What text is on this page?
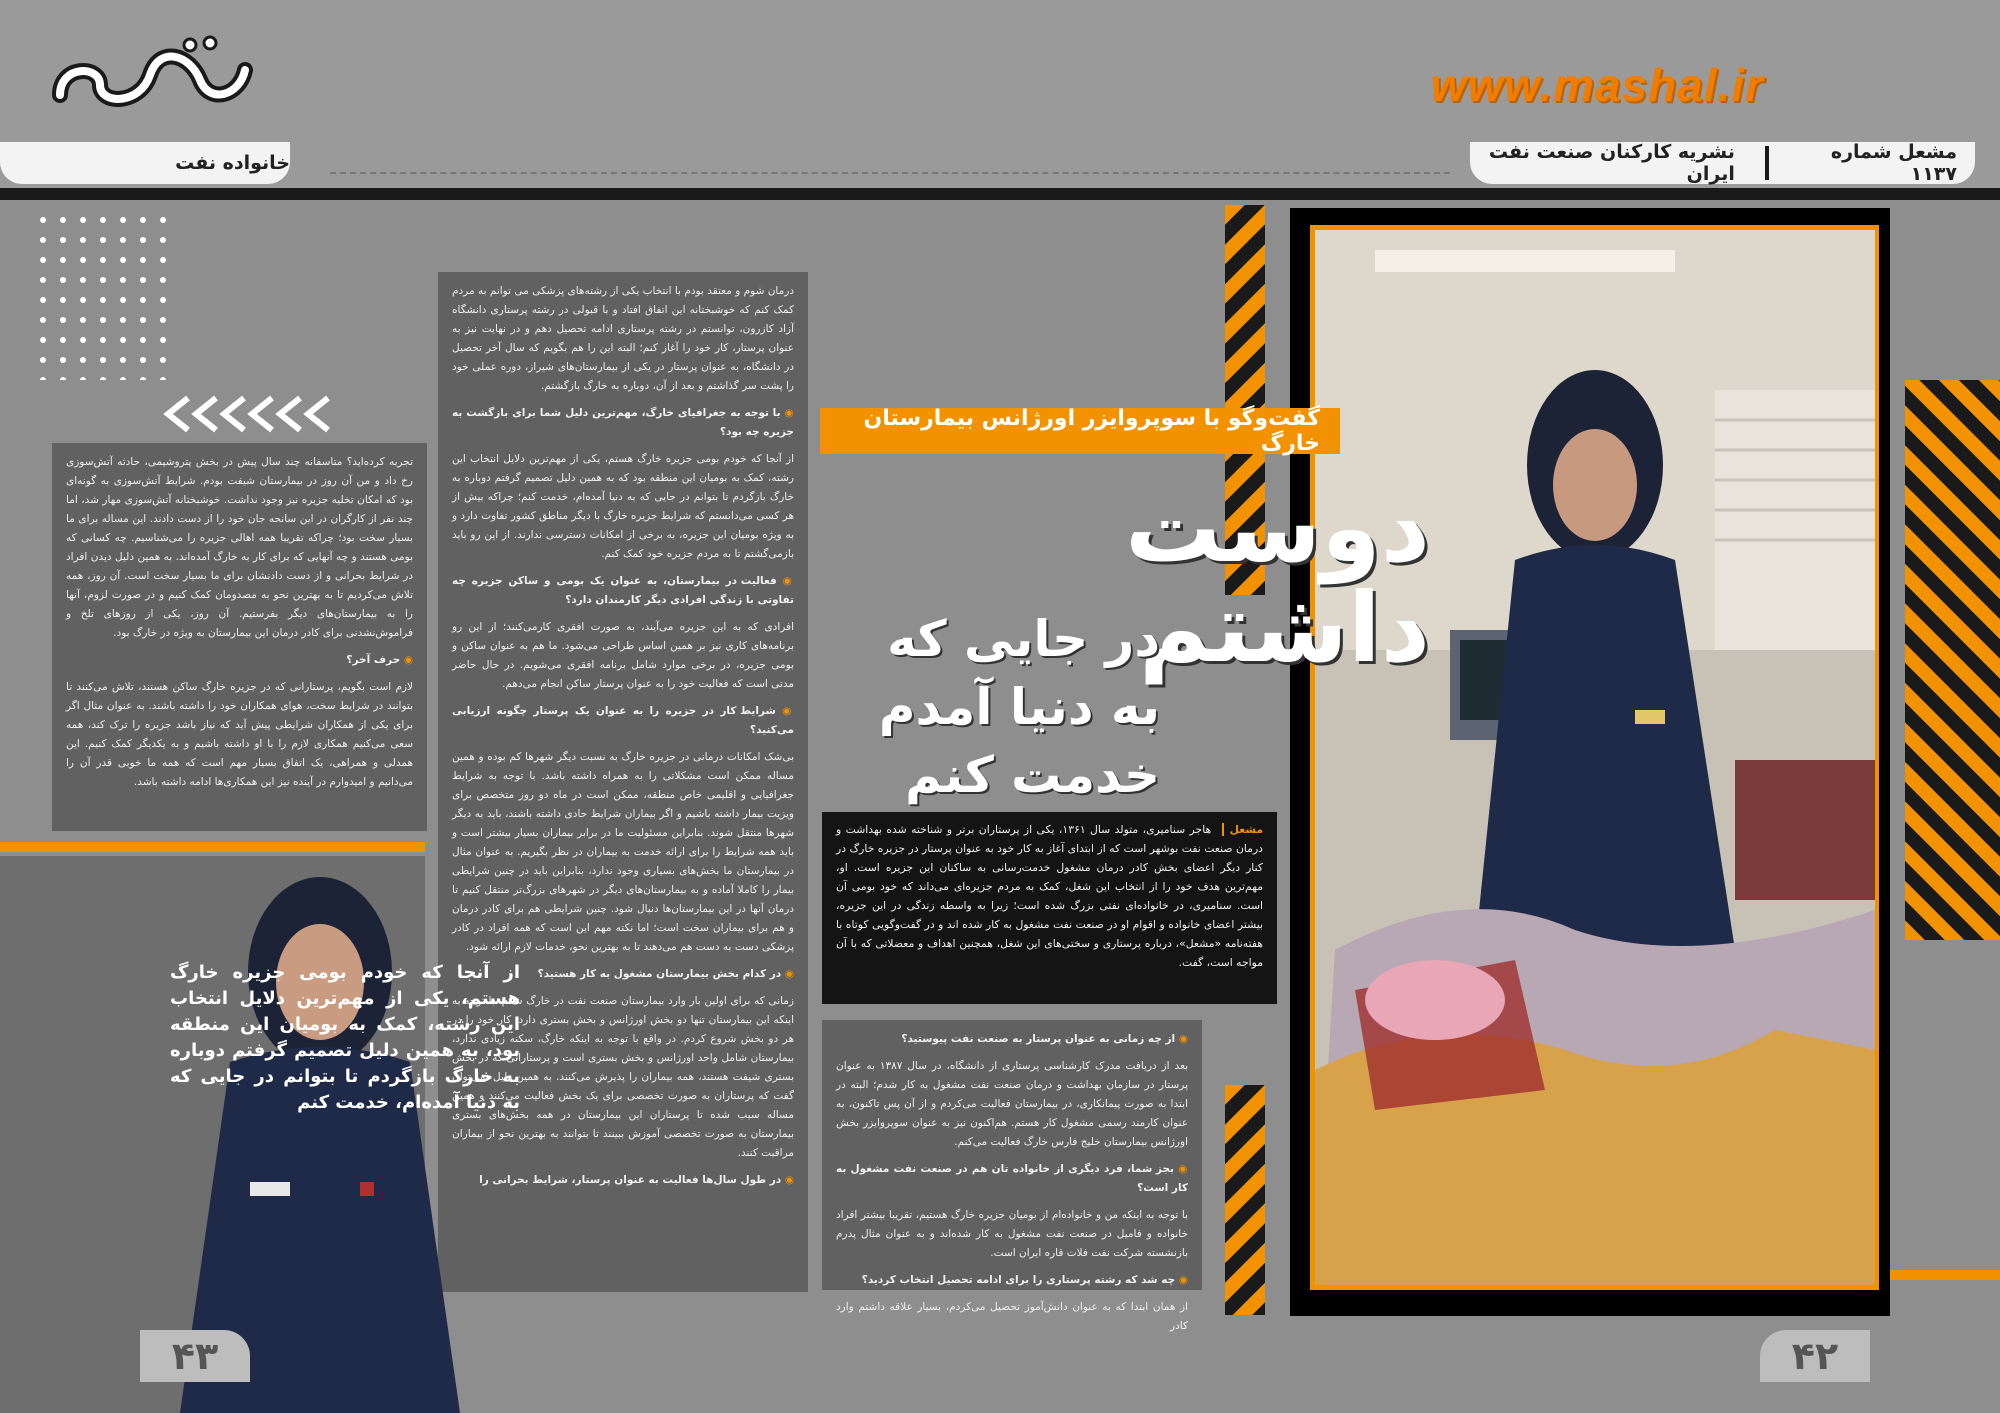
www.mashal.ir
خانواده نفت	مشعل شماره ۱۱۳۷
نشریه کارکنان صنعت نفت ایران
گفت‌وگو با سوپروایزر اورژانس بیمارستان خارگ
دوست داشتم
در جایی که به دنیا آمدم خدمت کنم
مشعل هاجر سنامیری، متولد سال ۱۳۶۱، یکی از پرستاران برتر و شناخته شده بهداشت و درمان صنعت نفت بوشهر است که از ابتدای آغاز به کار خود به عنوان پرستار در جزیره خارگ در کنار دیگر اعضای بخش کادر درمان مشغول خدمت‌رسانی به ساکنان این جزیره است. او، مهم‌ترین هدف خود را از انتخاب این شغل، کمک به مردم جزیره‌ای می‌داند که خود بومی آن است. سنامیری، در خانواده‌ای نفتی بزرگ شده است؛ زیرا به واسطه زندگی در این جزیره، بیشتر اعضای خانواده و اقوام او در صنعت نفت مشغول به کار شده اند و در گفت‌وگویی کوتاه با هفته‌نامه «مشعل»، درباره پرستاری و سختی‌های این شغل، همچنین اهداف و معضلاتی که با آن مواجه است، گفت.

◉ از چه زمانی به عنوان پرستار به صنعت نفت پیوستید؟

بعد از دریافت مدرک کارشناسی پرستاری از دانشگاه، در سال ۱۳۸۷ به عنوان پرستار در سازمان بهداشت و درمان صنعت نفت مشغول به کار شدم؛ البته در ابتدا به صورت پیمانکاری، در بیمارستان فعالیت می‌کردم و از آن پس تاکنون، به عنوان کارمند رسمی مشغول کار هستم. هم‌اکنون نیز به عنوان سوپروایزر بخش اورژانس بیمارستان خلیج فارس خارگ فعالیت می‌کنم.

◉ بجز شما، فرد دیگری از خانواده تان هم در صنعت نفت مشغول به کار است؟

با توجه به اینکه من و خانواده‌ام از بومیان جزیره خارگ هستیم، تقریبا بیشتر افراد خانواده و فامیل در صنعت نفت مشغول به کار شده‌اند و به عنوان مثال پدرم بازنشسته شرکت نفت فلات قاره ایران است.

◉ چه شد که رشته پرستاری را برای ادامه تحصیل انتخاب کردید؟

از همان ابتدا که به عنوان دانش‌آموز تحصیل می‌کردم، بسیار علاقه داشتم وارد کادر

درمان شوم و معتقد بودم با انتخاب یکی از رشته‌های پزشکی می توانم به مردم کمک کنم که خوشبختانه این اتفاق افتاد و با قبولی در رشته پرستاری دانشگاه آزاد کازرون، توانستم در رشته پرستاری ادامه تحصیل دهم و در نهایت نیز به عنوان پرستار، کار خود را آغاز کنم؛ البته این را هم بگویم که سال آخر تحصیل در دانشگاه، به عنوان پرستار در یکی از بیمارستان‌های شیراز، دوره عملی خود را پشت سر گذاشتم و بعد از آن، دوباره به خارگ بازگشتم.

◉ با توجه به جغرافیای خارگ، مهم‌ترین دلیل شما برای بازگشت به جزیره چه بود؟

از آنجا که خودم بومی جزیره خارگ هستم، یکی از مهم‌ترین دلایل انتخاب این رشته، کمک به بومیان این منطقه بود که به همین دلیل تصمیم گرفتم دوباره به خارگ بازگردم تا بتوانم در جایی که به دنیا آمده‌ام، خدمت کنم؛ چراکه بیش از هر کسی می‌دانستم که شرایط جزیره خارگ با دیگر مناطق کشور تفاوت دارد و به ویژه بومیان این جزیره، به برخی از امکانات دسترسی ندارند. از این رو باید بازمی‌گشتم تا به مردم جزیره خود کمک کنم.

◉ فعالیت در بیمارستان، به عنوان یک بومی و ساکن جزیره چه تفاوتی با زندگی افرادی دیگر کارمندان دارد؟

افرادی که به این جزیره می‌آیند، به صورت افقری کارمی‌کنند؛ از این رو برنامه‌های کاری نیز بر همین اساس طراحی می‌شود. ما هم به عنوان ساکن و بومی جزیره، در برخی موارد شامل برنامه افقری می‌شویم. در حال حاضر مدتی است که فعالیت خود را به عنوان پرستار ساکن انجام می‌دهم.

◉ شرایط کار در جزیره را به عنوان یک پرستار چگونه ارزیابی می‌کنید؟

بی‌شک امکانات درمانی در جزیره خارگ به نسبت دیگر شهرها کم بوده و همین مساله ممکن است مشکلاتی را به همراه داشته باشد. با توجه به شرایط جغرافیایی و اقلیمی خاص منطقه، ممکن است در ماه دو روز متخصص برای ویزیت بیمار داشته باشیم و اگر بیماران شرایط حادی داشته باشند، باید به دیگر شهرها منتقل شوند. بنابراین مسئولیت ما در برابر بیماران بسیار بیشتر است و باید همه شرایط را برای ارائه خدمت به بیماران در نظر بگیریم. به عنوان مثال در بیمارستان ما بخش‌های بسیاری وجود ندارد، بنابراین باید در چنین شرایطی بیمار را کاملا آماده و به بیمارستان‌های دیگر در شهرهای بزرگ‌تر منتقل کنیم تا درمان آنها در این بیمارستان‌ها دنبال شود. چنین شرایطی هم برای کادر درمان و هم برای بیماران سخت است؛ اما نکته مهم این است که همه افراد در کادر پزشکی دست به دست هم می‌دهند تا به بهترین نحو، خدمات لازم ارائه شود.

◉ در کدام بخش بیمارستان مشغول به کار هستید؟

زمانی که برای اولین بار وارد بیمارستان صنعت نفت در خارگ شدم، با توجه به اینکه این بیمارستان تنها دو بخش اورژانس و بخش بستری دارد، کار خود را در هر دو بخش شروع کردم. در واقع با توجه به اینکه خارگ، سکنه زیادی ندارد، بیمارستان شامل واحد اورژانس و بخش بستری است و پرستارانی که در بخش بستری شیفت هستند، همه بیماران را پذیرش می‌کنند. به همین دلیل نمی‌توان گفت که پرستاران به صورت تخصصی برای یک بخش فعالیت می‌کنند و همین مساله سبب شده تا پرستاران این بیمارستان در همه بخش‌های بستری بیمارستان به صورت تخصصی آموزش ببینند تا بتوانند به بهترین نحو از بیماران مراقبت کنند.

◉ در طول سال‌ها فعالیت به عنوان پرستار، شرایط بحرانی را

تجربه کرده‌اید؟ متاسفانه چند سال پیش در بخش پتروشیمی، حادثه آتش‌سوزی رخ داد و من آن روز در بیمارستان شیفت بودم. شرایط آتش‌سوزی به گونه‌ای بود که امکان تخلیه جزیره نیز وجود نداشت. خوشبختانه آتش‌سوزی مهار شد، اما چند نفر از کارگران در این سانحه جان خود را از دست دادند. این مساله برای ما بسیار سخت بود؛ چراکه تقریبا همه اهالی جزیره را می‌شناسیم. چه کسانی که بومی هستند و چه آنهایی که برای کار به خارگ آمده‌اند. به همین دلیل دیدن افراد در شرایط بحرانی و از دست دادنشان برای ما بسیار سخت است. آن روز، همه تلاش می‌کردیم تا به بهترین نحو به مصدومان کمک کنیم و در صورت لزوم، آنها را به بیمارستان‌های دیگر بفرستیم. آن روز، یکی از روزهای تلخ و فراموش‌نشدنی برای کادر درمان این بیمارستان به ویژه در خارگ بود.

◉ حرف آخر؟

لازم است بگویم، پرستارانی که در جزیره خارگ ساکن هستند، تلاش می‌کنند تا بتوانند در شرایط سخت، هوای همکاران خود را داشته باشند. به عنوان مثال اگر برای یکی از همکاران شرایطی پیش آید که نیاز باشد جزیره را ترک کند، همه سعی می‌کنیم همکاری لازم را با او داشته باشیم و به یکدیگر کمک کنیم. این همدلی و همراهی، یک اتفاق بسیار مهم است که همه ما خوبی قدر آن را می‌دانیم و امیدوارم در آینده نیز این همکاری‌ها ادامه داشته باشد.

از آنجا که خودم بومی جزیره خارگ هستم، یکی از مهم‌ترین دلایل انتخاب این رشته، کمک به بومیان این منطقه بود، به همین دلیل تصمیم گرفتم دوباره به خارگ بازگردم تا بتوانم در جایی که به دنیا آمده‌ام، خدمت کنم
۴۳	۴۲
